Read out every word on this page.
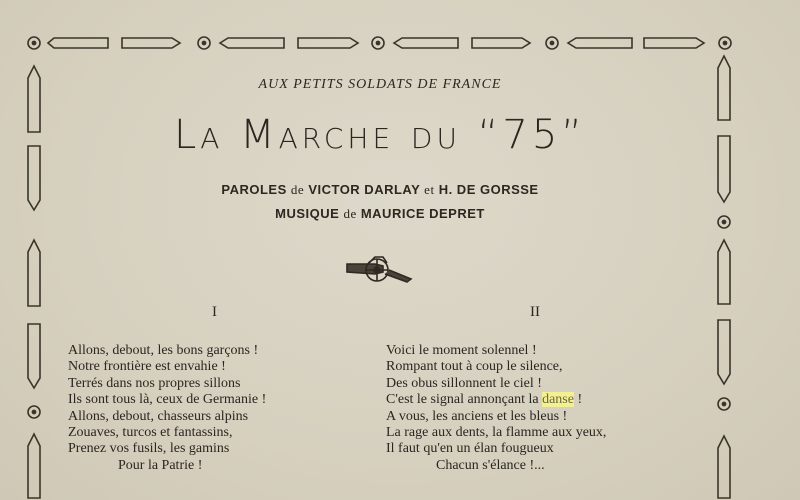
AUX PETITS SOLDATS DE FRANCE
La Marche du “75”
PAROLES de VICTOR DARLAY et H. DE GORSSE
MUSIQUE de MAURICE DEPRET
I	II
Allons, debout, les bons garçons !
Notre frontière est envahie !
Terrés dans nos propres sillons
Ils sont tous là, ceux de Germanie !
Allons, debout, chasseurs alpins
Zouaves, turcos et fantassins,
Prenez vos fusils, les gamins
Pour la Patrie !
Voici le moment solennel !
Rompant tout à coup le silence,
Des obus sillonnent le ciel !
C'est le signal annonçant la danse !
A vous, les anciens et les bleus !
La rage aux dents, la flamme aux yeux,
Il faut qu'en un élan fougueux
Chacun s'élance !...
